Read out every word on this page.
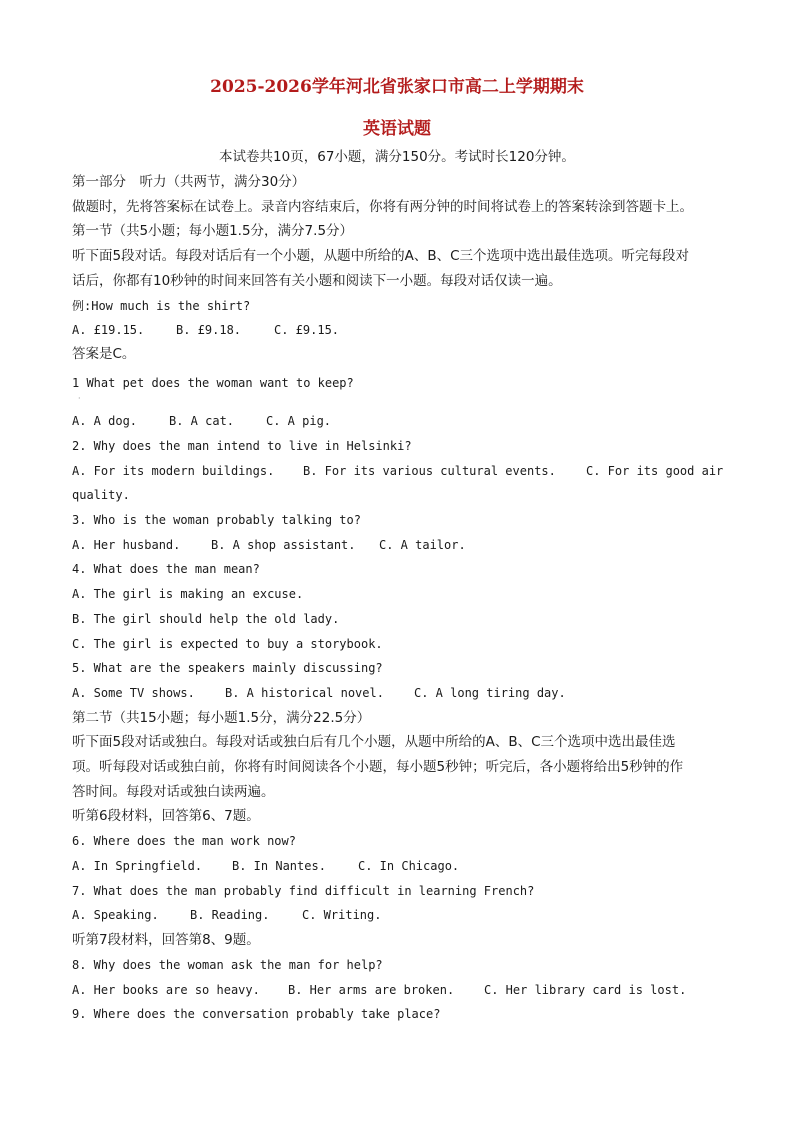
2025-2026学年河北省张家口市高二上学期期末
英语试题
本试卷共10页，67小题，满分150分。考试时长120分钟。
第一部分　听力（共两节，满分30分）
做题时，先将答案标在试卷上。录音内容结束后，你将有两分钟的时间将试卷上的答案转涂到答题卡上。
第一节（共5小题；每小题1.5分，满分7.5分）
听下面5段对话。每段对话后有一个小题，从题中所给的A、B、C三个选项中选出最佳选项。听完每段对
话后，你都有10秒钟的时间来回答有关小题和阅读下一小题。每段对话仅读一遍。
例:How much is the shirt?
A. £19.15.	B. £9.18.	C. £9.15.
答案是C。
1 What pet does the woman want to keep?
·
A. A dog.	B. A cat.	C. A pig.
2. Why does the man intend to live in Helsinki?
A. For its modern buildings.	B. For its various cultural events.	C. For its good air
quality.
3. Who is the woman probably talking to?
A. Her husband.	B. A shop assistant.	C. A tailor.
4. What does the man mean?
A. The girl is making an excuse.
B. The girl should help the old lady.
C. The girl is expected to buy a storybook.
5. What are the speakers mainly discussing?
A. Some TV shows.	B. A historical novel.	C. A long tiring day.
第二节（共15小题；每小题1.5分，满分22.5分）
听下面5段对话或独白。每段对话或独白后有几个小题，从题中所给的A、B、C三个选项中选出最佳选
项。听每段对话或独白前，你将有时间阅读各个小题，每小题5秒钟；听完后，各小题将给出5秒钟的作
答时间。每段对话或独白读两遍。
听第6段材料，回答第6、7题。
6. Where does the man work now?
A. In Springfield.	B. In Nantes.	C. In Chicago.
7. What does the man probably find difficult in learning French?
A. Speaking.	B. Reading.	C. Writing.
听第7段材料，回答第8、9题。
8. Why does the woman ask the man for help?
A. Her books are so heavy.	B. Her arms are broken.	C. Her library card is lost.
9. Where does the conversation probably take place?
